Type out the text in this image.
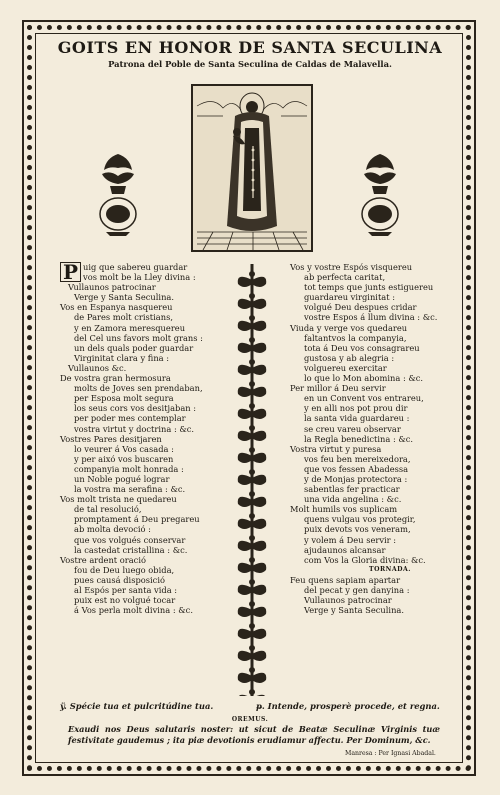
GOITS EN HONOR DE SANTA SECULINA

Patrona del Poble de Santa Seculina de Caldas de Malavella.

P uig que sabereu guardar
vos molt be la Lley divina :
Vullaunos patrocinar
Verge y Santa Seculina.
Vos en Espanya nasquereu
de Pares molt cristians,
y en Zamora meresquereu
del Cel uns favors molt grans :
un dels quals poder guardar
Virginitat clara y fina :
Vullaunos &c.
De vostra gran hermosura
molts de Joves sen prendaban,
per Esposa molt segura
los seus cors vos desitjaban :
per poder mes contemplar
vostra virtut y doctrina : &c.
Vostres Pares desitjaren
lo veurer á Vos casada :
y per aixó vos buscaren
companyia molt honrada :
un Noble pogué lograr
la vostra ma serafina : &c.
Vos molt trista ne quedareu
de tal resolució,
promptament á Deu pregareu
ab molta devoció :
que vos volgués conservar
la castedat cristallina : &c.
Vostre ardent oració
fou de Deu luego obida,
pues causá disposició
al Espós per santa vida :
puix est no volgué tocar
á Vos perla molt divina : &c.
Vos y vostre Espós visquereu
ab perfecta caritat,
tot temps que junts estiguereu
guardareu virginitat :
volgué Deu despues cridar
vostre Espos á llum divina : &c.
Viuda y verge vos quedareu
faltantvos la companyia,
tota á Deu vos consagrareu
gustosa y ab alegria :
volguereu exercitar
lo que lo Mon abomina : &c.
Per millor á Deu servir
en un Convent vos entrareu,
y en alli nos pot prou dir
la santa vida guardareu :
se creu vareu observar
la Regla benedictina : &c.
Vostra virtut y puresa
vos feu ben mereixedora,
que vos fessen Abadessa
y de Monjas protectora :
sabentlas fer practicar
una vida angelina : &c.
Molt humils vos suplicam
quens vulgau vos protegir,
puix devots vos veneram,
y volem á Deu servir :
ajudaunos alcansar
com Vos la Gloria divina: &c.
TORNADA.
Feu quens sapiam apartar
del pecat y gen danyina :
Vullaunos patrocinar
Verge y Santa Seculina.
ÿ. Spécie tua et pulcritúdine tua.	ᵽ. Intende, prosperè procede, et regna.
OREMUS.
Exaudi nos Deus salutaris noster: ut sicut de Beatæ Seculinæ Virginis tuæ festivitate gaudemus ; ita piæ devotionis erudiamur affectu. Per Dominum, &c.
Manresa : Per Ignasi Abadal.
